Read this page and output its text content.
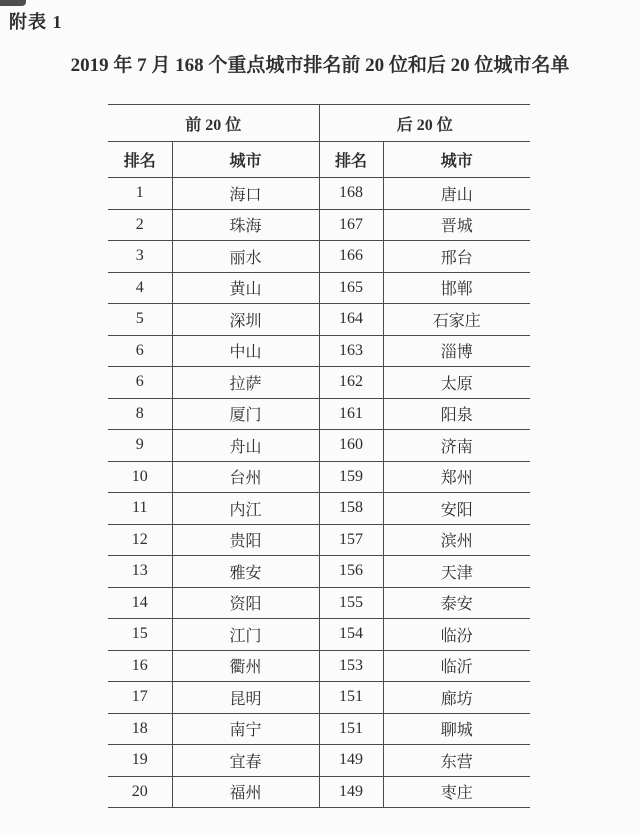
附表 1
2019 年 7 月 168 个重点城市排名前 20 位和后 20 位城市名单
前 20 位		后 20 位	
排名	城市	排名	城市
1	海口	168	唐山
2	珠海	167	晋城
3	丽水	166	邢台
4	黄山	165	邯郸
5	深圳	164	石家庄
6	中山	163	淄博
6	拉萨	162	太原
8	厦门	161	阳泉
9	舟山	160	济南
10	台州	159	郑州
11	内江	158	安阳
12	贵阳	157	滨州
13	雅安	156	天津
14	资阳	155	泰安
15	江门	154	临汾
16	衢州	153	临沂
17	昆明	151	廊坊
18	南宁	151	聊城
19	宜春	149	东营
20	福州	149	枣庄
